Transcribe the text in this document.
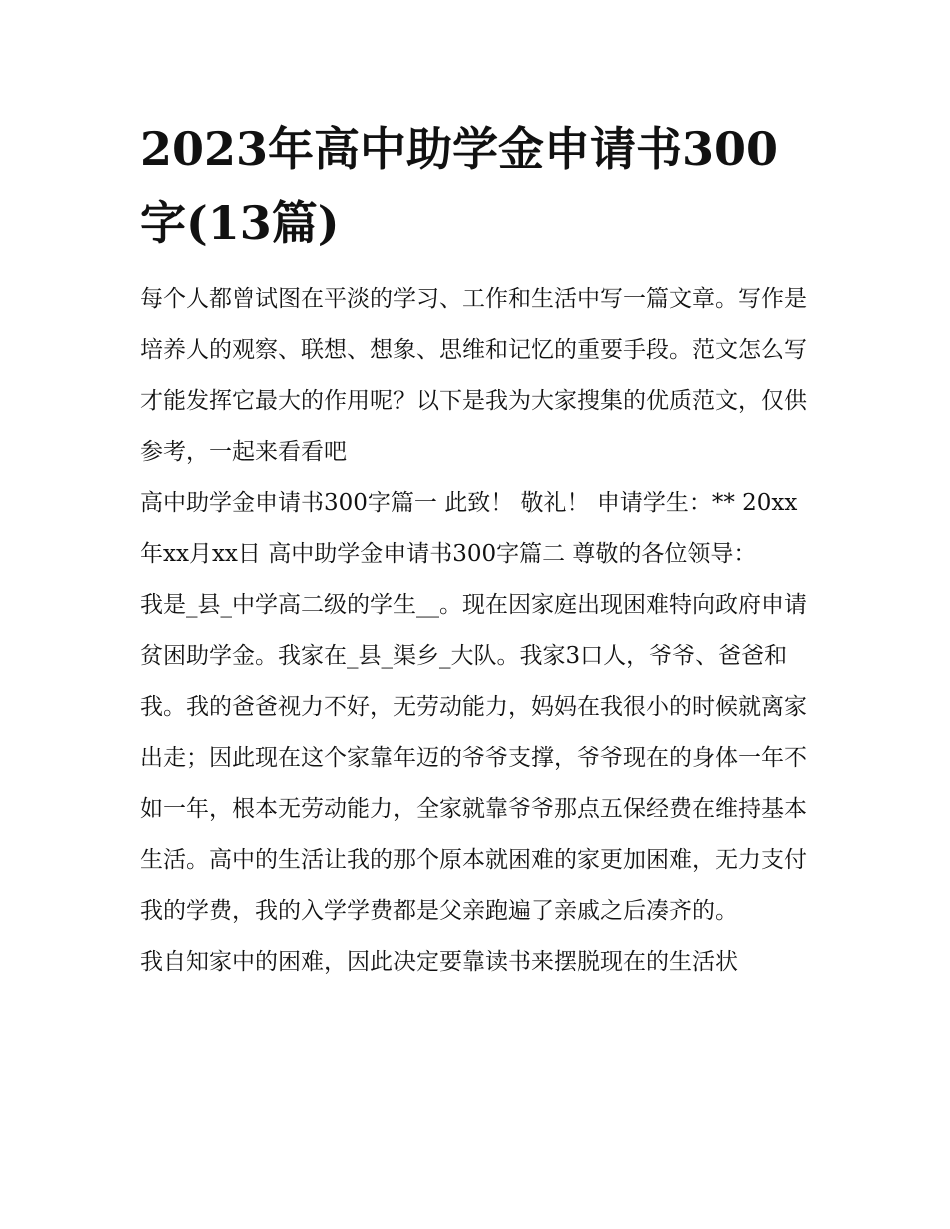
2023年高中助学金申请书300字(13篇)

每个人都曾试图在平淡的学习、工作和生活中写一篇文章。写作是培养人的观察、联想、想象、思维和记忆的重要手段。范文怎么写才能发挥它最大的作用呢？以下是我为大家搜集的优质范文，仅供参考，一起来看看吧

高中助学金申请书300字篇一 此致！ 敬礼！ 申请学生：** 20xx年xx月xx日 高中助学金申请书300字篇二 尊敬的各位领导：

我是_县_中学高二级的学生__。现在因家庭出现困难特向政府申请贫困助学金。我家在_县_渠乡_大队。我家3口人，爷爷、爸爸和我。我的爸爸视力不好，无劳动能力，妈妈在我很小的时候就离家出走；因此现在这个家靠年迈的爷爷支撑，爷爷现在的身体一年不如一年，根本无劳动能力，全家就靠爷爷那点五保经费在维持基本生活。高中的生活让我的那个原本就困难的家更加困难，无力支付我的学费，我的入学学费都是父亲跑遍了亲戚之后凑齐的。

我自知家中的困难，因此决定要靠读书来摆脱现在的生活状
